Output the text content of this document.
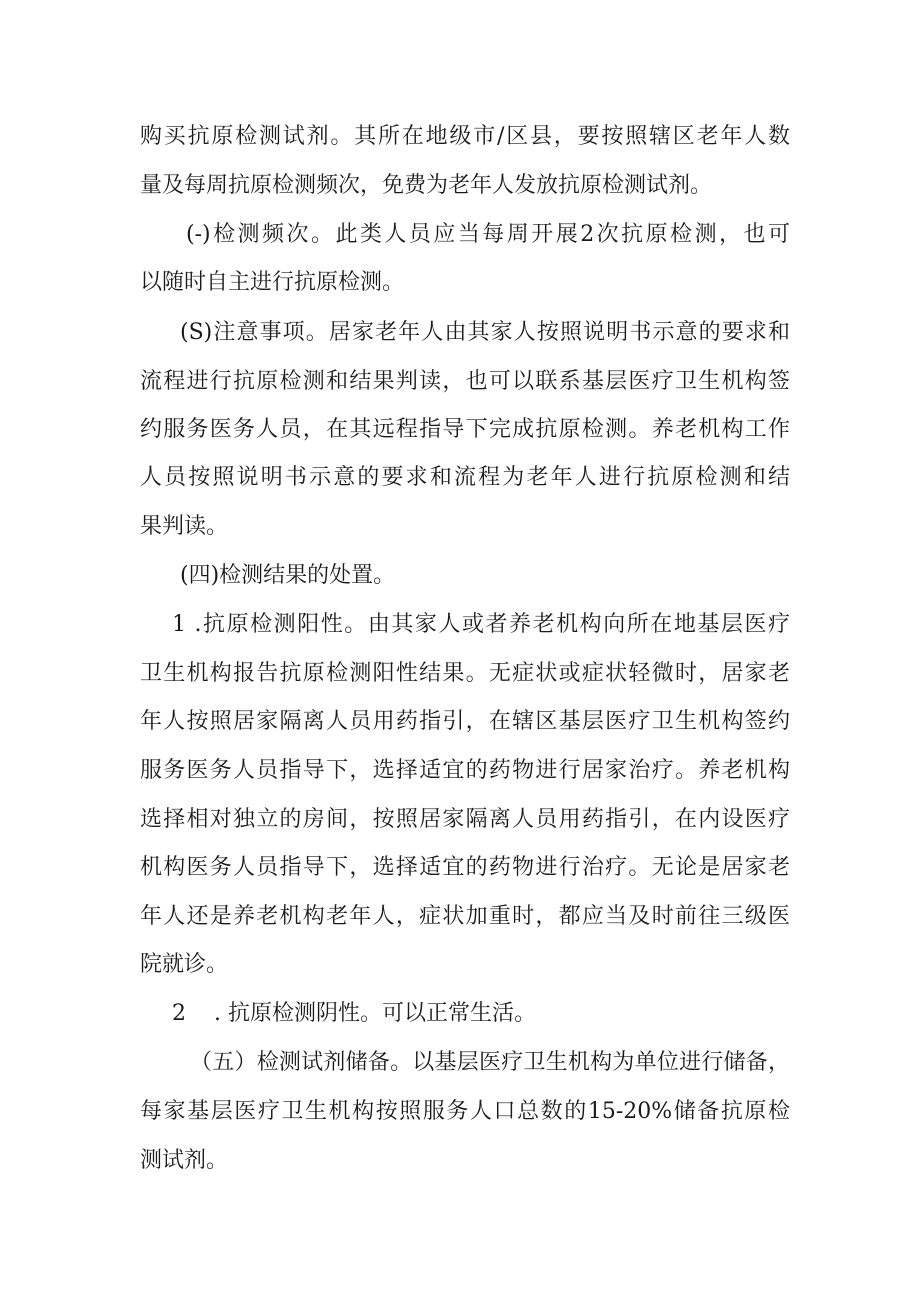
购买抗原检测试剂。其所在地级市/区县，要按照辖区老年人数
量及每周抗原检测频次，免费为老年人发放抗原检测试剂。
(-)检测频次。此类人员应当每周开展2次抗原检测，也可
以随时自主进行抗原检测。
(S)注意事项。居家老年人由其家人按照说明书示意的要求和
流程进行抗原检测和结果判读，也可以联系基层医疗卫生机构签
约服务医务人员，在其远程指导下完成抗原检测。养老机构工作
人员按照说明书示意的要求和流程为老年人进行抗原检测和结
果判读。
(四)检测结果的处置。
1 .抗原检测阳性。由其家人或者养老机构向所在地基层医疗
卫生机构报告抗原检测阳性结果。无症状或症状轻微时，居家老
年人按照居家隔离人员用药指引，在辖区基层医疗卫生机构签约
服务医务人员指导下，选择适宜的药物进行居家治疗。养老机构
选择相对独立的房间，按照居家隔离人员用药指引，在内设医疗
机构医务人员指导下，选择适宜的药物进行治疗。无论是居家老
年人还是养老机构老年人，症状加重时，都应当及时前往三级医
院就诊。
2    . 抗原检测阴性。可以正常生活。
（五）检测试剂储备。以基层医疗卫生机构为单位进行储备，
每家基层医疗卫生机构按照服务人口总数的15-20%储备抗原检
测试剂。
